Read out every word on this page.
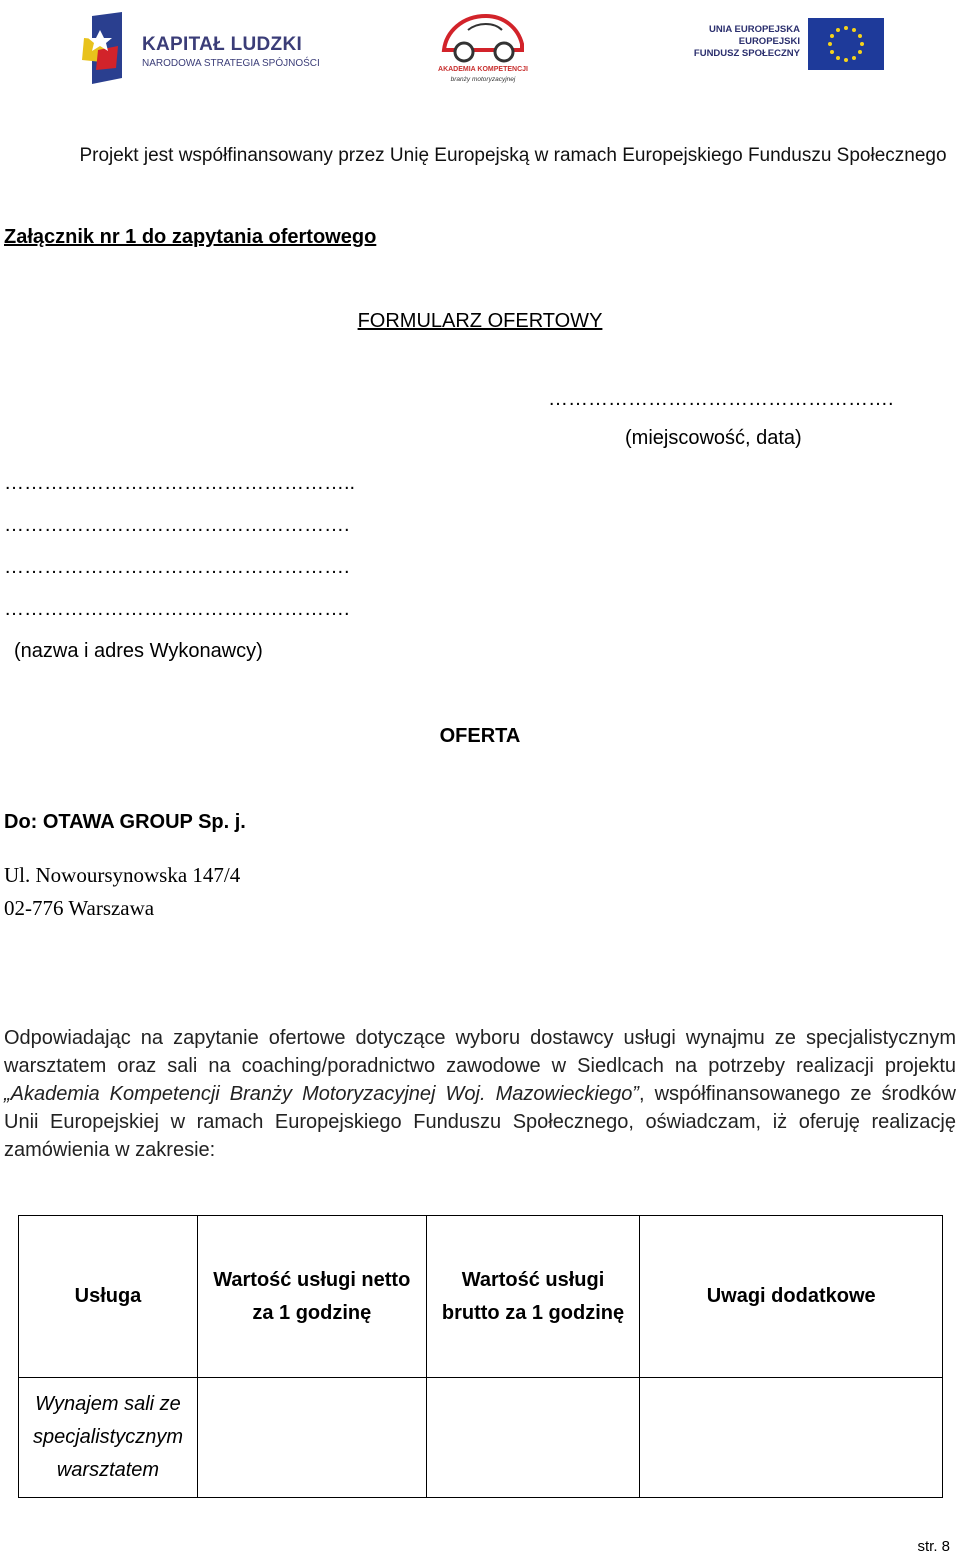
KAPITAŁ LUDZKI
NARODOWA STRATEGIA SPÓJNOŚCI
AKADEMIA KOMPETENCJI
branży motoryzacyjnej
UNIA EUROPEJSKA
EUROPEJSKI
FUNDUSZ SPOŁECZNY
Projekt jest współfinansowany przez Unię Europejską w ramach Europejskiego Funduszu Społecznego
Załącznik nr 1 do zapytania ofertowego
FORMULARZ OFERTOWY
…………………………………………….
(miejscowość, data)
……………………………………………..
…………………………………………….
…………………………………………….
…………………………………………….
(nazwa i adres Wykonawcy)
OFERTA
Do: OTAWA GROUP Sp. j.
Ul. Nowoursynowska 147/4
02-776 Warszawa
Odpowiadając na zapytanie ofertowe dotyczące wyboru dostawcy usługi wynajmu ze specjalistycznym warsztatem oraz sali na coaching/poradnictwo zawodowe w Siedlcach na potrzeby realizacji projektu „Akademia Kompetencji Branży Motoryzacyjnej Woj. Mazowieckiego”, współfinansowanego ze środków Unii Europejskiej w ramach Europejskiego Funduszu Społecznego, oświadczam, iż oferuję realizację zamówienia w zakresie:
Usługa	Wartość usługi netto za 1 godzinę	Wartość usługi brutto za 1 godzinę	Uwagi dodatkowe
Wynajem sali ze specjalistycznym warsztatem			
str. 8
